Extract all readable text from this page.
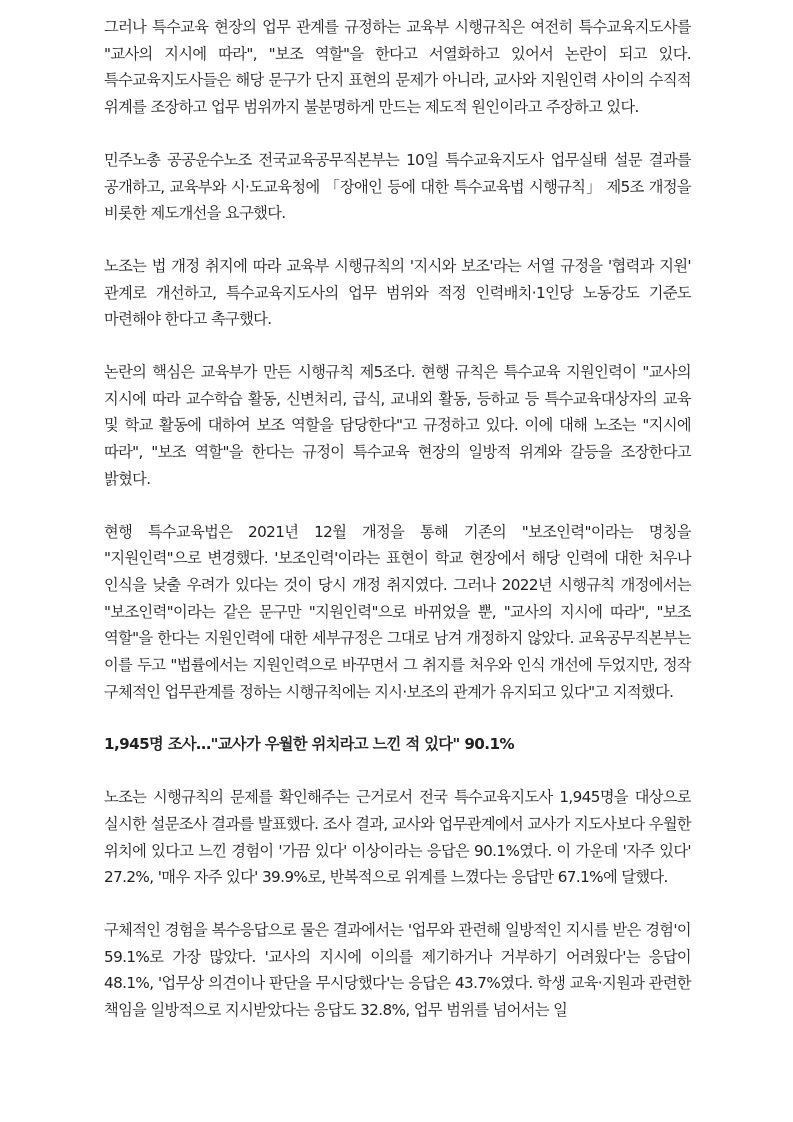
그러나 특수교육 현장의 업무 관계를 규정하는 교육부 시행규칙은 여전히 특수교육지도사를 "교사의 지시에 따라", "보조 역할"을 한다고 서열화하고 있어서 논란이 되고 있다. 특수교육지도사들은 해당 문구가 단지 표현의 문제가 아니라, 교사와 지원인력 사이의 수직적 위계를 조장하고 업무 범위까지 불분명하게 만드는 제도적 원인이라고 주장하고 있다.

민주노총 공공운수노조 전국교육공무직본부는 10일 특수교육지도사 업무실태 설문 결과를 공개하고, 교육부와 시·도교육청에 「장애인 등에 대한 특수교육법 시행규칙」 제5조 개정을 비롯한 제도개선을 요구했다.

노조는 법 개정 취지에 따라 교육부 시행규칙의 '지시와 보조'라는 서열 규정을 '협력과 지원' 관계로 개선하고, 특수교육지도사의 업무 범위와 적정 인력배치·1인당 노동강도 기준도 마련해야 한다고 촉구했다.

논란의 핵심은 교육부가 만든 시행규칙 제5조다. 현행 규칙은 특수교육 지원인력이 "교사의 지시에 따라 교수학습 활동, 신변처리, 급식, 교내외 활동, 등하교 등 특수교육대상자의 교육 및 학교 활동에 대하여 보조 역할을 담당한다"고 규정하고 있다. 이에 대해 노조는 "지시에 따라", "보조 역할"을 한다는 규정이 특수교육 현장의 일방적 위계와 갈등을 조장한다고 밝혔다.

현행 특수교육법은 2021년 12월 개정을 통해 기존의 "보조인력"이라는 명칭을 "지원인력"으로 변경했다. '보조인력'이라는 표현이 학교 현장에서 해당 인력에 대한 처우나 인식을 낮출 우려가 있다는 것이 당시 개정 취지였다. 그러나 2022년 시행규칙 개정에서는 "보조인력"이라는 같은 문구만 "지원인력"으로 바뀌었을 뿐, "교사의 지시에 따라", "보조 역할"을 한다는 지원인력에 대한 세부규정은 그대로 남겨 개정하지 않았다. 교육공무직본부는 이를 두고 "법률에서는 지원인력으로 바꾸면서 그 취지를 처우와 인식 개선에 두었지만, 정작 구체적인 업무관계를 정하는 시행규칙에는 지시·보조의 관계가 유지되고 있다"고 지적했다.

1,945명 조사…"교사가 우월한 위치라고 느낀 적 있다" 90.1%

노조는 시행규칙의 문제를 확인해주는 근거로서 전국 특수교육지도사 1,945명을 대상으로 실시한 설문조사 결과를 발표했다. 조사 결과, 교사와 업무관계에서 교사가 지도사보다 우월한 위치에 있다고 느낀 경험이 '가끔 있다' 이상이라는 응답은 90.1%였다. 이 가운데 '자주 있다' 27.2%, '매우 자주 있다' 39.9%로, 반복적으로 위계를 느꼈다는 응답만 67.1%에 달했다.

구체적인 경험을 복수응답으로 물은 결과에서는 '업무와 관련해 일방적인 지시를 받은 경험'이 59.1%로 가장 많았다. '교사의 지시에 이의를 제기하거나 거부하기 어려웠다'는 응답이 48.1%, '업무상 의견이나 판단을 무시당했다'는 응답은 43.7%였다. 학생 교육·지원과 관련한 책임을 일방적으로 지시받았다는 응답도 32.8%, 업무 범위를 넘어서는 일
